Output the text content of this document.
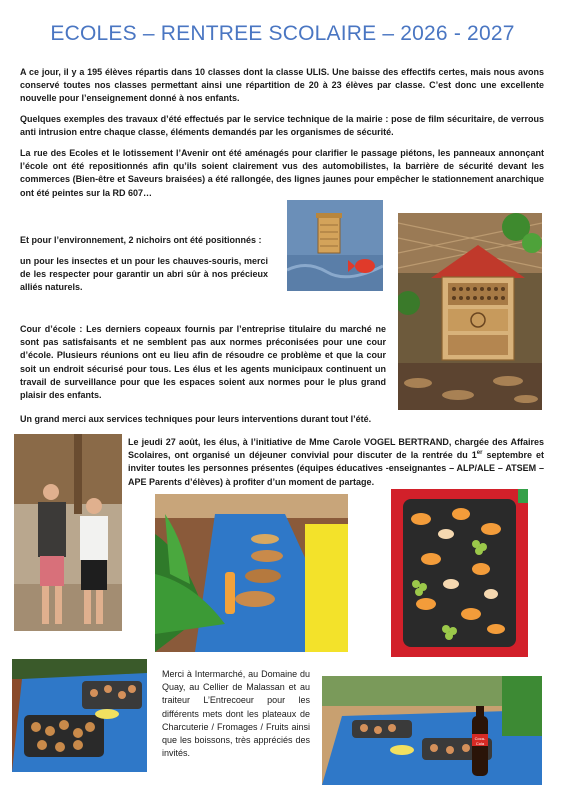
ECOLES – RENTREE SCOLAIRE – 2026 - 2027
A ce jour, il y a 195 élèves répartis dans 10 classes dont la classe ULIS. Une baisse des effectifs certes, mais nous avons conservé toutes nos classes permettant ainsi une répartition de 20 à 23 élèves par classe. C’est donc une excellente nouvelle pour l’enseignement donné à nos enfants.
Quelques exemples des travaux d’été effectués par le service technique de la mairie : pose de film sécuritaire, de verrous anti intrusion entre chaque classe, éléments demandés par les organismes de sécurité.
La rue des Ecoles et le lotissement l’Avenir ont été aménagés pour clarifier le passage piétons, les panneaux annonçant l’école ont été repositionnés afin qu’ils soient clairement vus des automobilistes, la barrière de sécurité devant les commerces (Bien-être et Saveurs braisées) a été rallongée, des lignes jaunes pour empêcher le stationnement anarchique ont été peintes sur la RD 607…
Et pour l’environnement, 2 nichoirs ont été positionnés :
un pour les insectes et un pour les chauves-souris, merci de les respecter pour garantir un abri sûr à nos précieux alliés naturels.
Cour d’école : Les derniers copeaux fournis par l’entreprise titulaire du marché ne sont pas satisfaisants et ne semblent pas aux normes préconisées pour une cour d’école. Plusieurs réunions ont eu lieu afin de résoudre ce problème et que la cour soit un endroit sécurisé pour tous. Les élus et les agents municipaux continuent un travail de surveillance pour que les espaces soient aux normes pour le plus grand plaisir des enfants.
Un grand merci aux services techniques pour leurs interventions durant tout l’été.
Le jeudi 27 août, les élus, à l’initiative de Mme Carole VOGEL BERTRAND, chargée des Affaires Scolaires, ont organisé un déjeuner convivial pour discuter de la rentrée du 1er septembre et inviter toutes les personnes présentes (équipes éducatives -enseignantes – ALP/ALE – ATSEM – APE Parents d’élèves) à profiter d’un moment de partage.
Merci à Intermarché, au Domaine du Quay, au Cellier de Malassan et au traiteur L’Entrecoeur pour les différents mets dont les plateaux de Charcuterie / Fromages / Fruits ainsi que les boissons, très appréciés des invités.
Coca-Cola
